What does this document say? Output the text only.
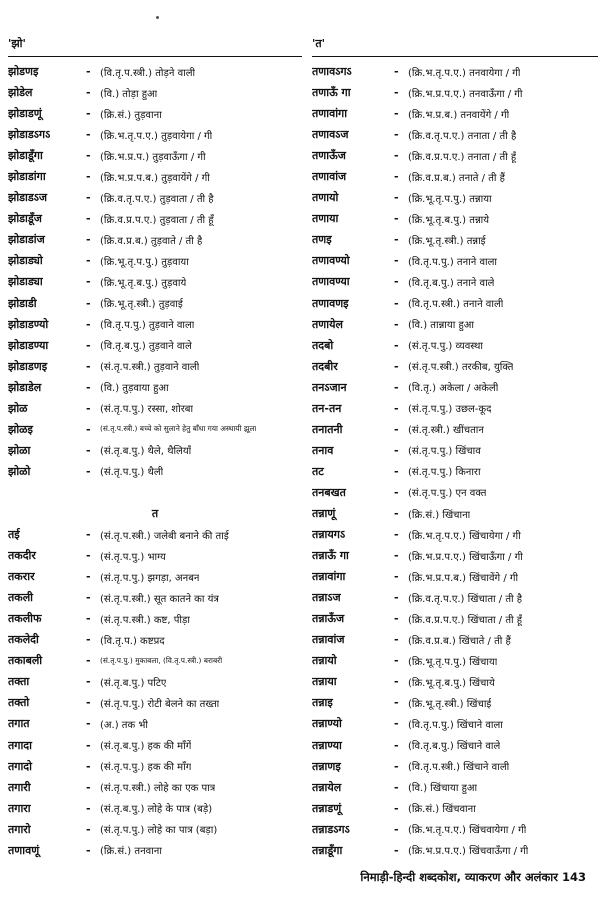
'झो'
झोडणइ	- (वि.तृ.प.स्त्री.) तोड़ने वाली
झोडेल	- (वि.) तोड़ा हुआ
झोडाडणूं	- (क्रि.सं.) तुड़वाना
झोडाडऽगऽ	- (क्रि.भ.तृ.प.ए.) तुड़वायेगा / गी
झोडाडूँगा	- (क्रि.भ.प्र.प.) तुड़वाऊँगा / गी
झोडाडांगा	- (क्रि.भ.प्र.प.ब.) तुड़वायेंगे / गी
झोडाडऽज	- (क्रि.व.तृ.प.ए.) तुड़वाता / ती है
झोडाडूँज	- (क्रि.व.प्र.प.ए.) तुड़वाता / ती हूँ
झोडाडांज	- (क्रि.व.प्र.ब.) तुड़वाते / ती है
झोडाड्यो	- (क्रि.भू.तृ.प.पु.) तुड़वाया
झोडाड्या	- (क्रि.भू.तृ.ब.पु.) तुड़वाये
झोडाडी	- (क्रि.भू.तृ.स्त्री.) तुड़वाई
झोडाडण्यो	- (वि.तृ.प.पु.) तुड़वाने वाला
झोडाडण्या	- (वि.तृ.ब.पु.) तुड़वाने वाले
झोडाडणइ	- (सं.तृ.प.स्त्री.) तुड़वाने वाली
झोडाडेल	- (वि.) तुड़वाया हुआ
झोळ	- (सं.तृ.प.पु.) रस्सा, शोरबा
झोळइ	-	(सं.तृ.प.स्त्री.) बच्चे को सुलाने हेतु बाँधा गया अस्थायी झूला
झोळा	- (सं.तृ.ब.पु.) थैले, थैलियाँ
झोळो	- (सं.तृ.प.पु.) थैली
त
तई	- (सं.तृ.प.स्त्री.) जलेबी बनाने की ताई
तकदीर	- (सं.तृ.प.पु.) भाग्य
तकरार	- (सं.तृ.प.पु.) झगड़ा, अनबन
तकली	- (सं.तृ.प.स्त्री.) सूत कातने का यंत्र
तकलीफ	- (सं.तृ.प.स्त्री.) कष्ट, पीड़ा
तकलेदी	- (वि.तृ.प.) कष्टप्रद
तकाबली	-	(सं.तृ.प.पु.) मुकाबला, (वि.तृ.प.स्त्री.) बराबरी
तक्ता	- (सं.तृ.ब.पु.) पटिए
तक्तो	- (सं.तृ.प.पु.) रोटी बेलने का तख्ता
तगात	- (अ.) तक भी
तगादा	- (सं.तृ.ब.पु.) हक की माँगें
तगादो	- (सं.तृ.प.पु.) हक की माँग
तगारी	- (सं.तृ.प.स्त्री.) लोहे का एक पात्र
तगारा	- (सं.तृ.ब.पु.) लोहे के पात्र (बड़े)
तगारो	- (सं.तृ.प.पु.) लोहे का पात्र (बड़ा)
तणावणूं	- (क्रि.सं.) तनवाना
'त'
तणावऽगऽ	- (क्रि.भ.तृ.प.ए.) तनवायेगा / गी
तणाऊँ गा	- (क्रि.भ.प्र.प.ए.) तनवाऊँगा / गी
तणावांगा	- (क्रि.भ.प्र.ब.) तनवायेंगे / गी
तणावऽज	- (क्रि.व.तृ.प.ए.) तनाता / ती है
तणाऊँज	- (क्रि.व.प्र.प.ए.) तनाता / ती हूँ
तणावांज	- (क्रि.व.प्र.ब.) तनाते / ती हैं
तणायो	- (क्रि.भू.तृ.प.पु.) तन्नाया
तणाया	- (क्रि.भू.तृ.ब.पु.) तन्नाये
तणइ	- (क्रि.भू.तृ.स्त्री.) तन्नाई
तणावण्यो	- (वि.तृ.प.पु.) तनाने वाला
तणावण्या	- (वि.तृ.ब.पु.) तनाने वाले
तणावणइ	- (वि.तृ.प.स्त्री.) तनाने वाली
तणायेल	- (वि.) तान्नाया हुआ
तदबो	- (सं.तृ.प.पु.) व्यवस्था
तदबीर	- (सं.तृ.प.स्त्री.) तरकीब, युक्ति
तनऽजान	- (वि.तृ.) अकेला / अकेली
तन-तन	- (सं.तृ.प.पु.) उछल-कूद
तनातनी	- (सं.तृ.स्त्री.) खींचतान
तनाव	- (सं.तृ.प.पु.) खिंचाव
तट	- (सं.तृ.प.पु.) किनारा
तनबखत	- (सं.तृ.प.पु.) एन वक्त
तन्नाणूं	- (क्रि.सं.) खिंचाना
तन्नायगऽ	- (क्रि.भ.तृ.प.ए.) खिंचायेगा / गी
तन्नाऊँ गा	- (क्रि.भ.प्र.प.ए.) खिंचाऊँगा / गी
तन्नावांगा	- (क्रि.भ.प्र.प.ब.) खिंचावेंगे / गी
तन्नाऽज	- (क्रि.व.तृ.प.ए.) खिंचाता / ती है
तन्नाऊँज	- (क्रि.व.प्र.प.ए.) खिंचाता / ती हूँ
तन्नावांज	- (क्रि.व.प्र.ब.) खिंचाते / ती हैं
तन्नायो	- (क्रि.भू.तृ.प.पु.) खिंचाया
तन्नाया	- (क्रि.भू.तृ.ब.पु.) खिंचाये
तन्नाइ	- (क्रि.भू.तृ.स्त्री.) खिंचाई
तन्नाण्यो	- (वि.तृ.प.पु.) खिंचाने वाला
तन्नाण्या	- (वि.तृ.ब.पु.) खिंचाने वाले
तन्नाणइ	- (वि.तृ.प.स्त्री.) खिंचाने वाली
तन्नायेल	- (वि.) खिंचाया हुआ
तन्नाडणूं	- (क्रि.सं.) खिंचवाना
तन्नाडऽगऽ	- (क्रि.भ.तृ.प.ए.) खिंचवायेगा / गी
तन्नाडूँगा	- (क्रि.भ.प्र.प.ए.) खिंचवाऊँगा / गी
निमाड़ी-हिन्दी शब्दकोश, व्याकरण और अलंकार 143
